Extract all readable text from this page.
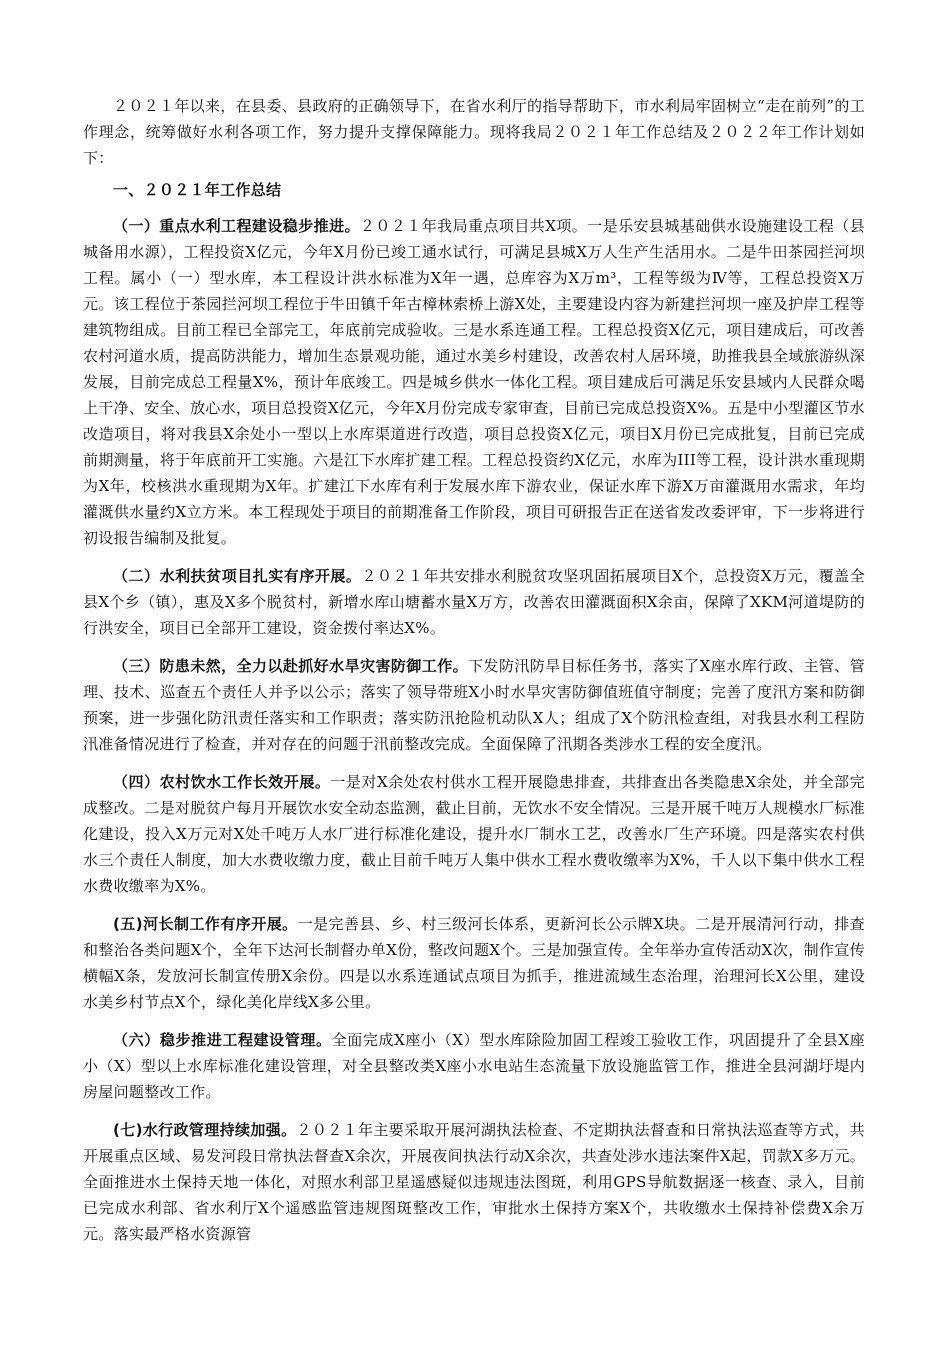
２０２１年以来，在县委、县政府的正确领导下，在省水利厅的指导帮助下，市水利局牢固树立“走在前列”的工作理念，统筹做好水利各项工作，努力提升支撑保障能力。现将我局２０２１年工作总结及２０２２年工作计划如下：

一、２０２１年工作总结

（一）重点水利工程建设稳步推进。２０２１年我局重点项目共X项。一是乐安县城基础供水设施建设工程（县城备用水源），工程投资X亿元，今年X月份已竣工通水试行，可满足县城X万人生产生活用水。二是牛田茶园拦河坝工程。属小（一）型水库，本工程设计洪水标准为X年一遇，总库容为X万m³，工程等级为Ⅳ等，工程总投资X万元。该工程位于茶园拦河坝工程位于牛田镇千年古樟林索桥上游X处，主要建设内容为新建拦河坝一座及护岸工程等建筑物组成。目前工程已全部完工，年底前完成验收。三是水系连通工程。工程总投资X亿元，项目建成后，可改善农村河道水质，提高防洪能力，增加生态景观功能，通过水美乡村建设，改善农村人居环境，助推我县全域旅游纵深发展，目前完成总工程量X%，预计年底竣工。四是城乡供水一体化工程。项目建成后可满足乐安县域内人民群众喝上干净、安全、放心水，项目总投资X亿元，今年X月份完成专家审查，目前已完成总投资X%。五是中小型灌区节水改造项目，将对我县X余处小一型以上水库渠道进行改造，项目总投资X亿元，项目X月份已完成批复，目前已完成前期测量，将于年底前开工实施。六是江下水库扩建工程。工程总投资约X亿元，水库为III等工程，设计洪水重现期为X年，校核洪水重现期为X年。扩建江下水库有利于发展水库下游农业，保证水库下游X万亩灌溉用水需求，年均灌溉供水量约X立方米。本工程现处于项目的前期准备工作阶段，项目可研报告正在送省发改委评审，下一步将进行初设报告编制及批复。

（二）水利扶贫项目扎实有序开展。２０２１年共安排水利脱贫攻坚巩固拓展项目X个，总投资X万元，覆盖全县X个乡（镇），惠及X多个脱贫村，新增水库山塘蓄水量X万方，改善农田灌溉面积X余亩，保障了XKM河道堤防的行洪安全，项目已全部开工建设，资金拨付率达X%。

（三）防患未然，全力以赴抓好水旱灾害防御工作。下发防汛防旱目标任务书，落实了X座水库行政、主管、管理、技术、巡查五个责任人并予以公示；落实了领导带班X小时水旱灾害防御值班值守制度；完善了度汛方案和防御预案，进一步强化防汛责任落实和工作职责；落实防汛抢险机动队X人；组成了X个防汛检查组，对我县水利工程防汛准备情况进行了检查，并对存在的问题于汛前整改完成。全面保障了汛期各类涉水工程的安全度汛。

（四）农村饮水工作长效开展。一是对X余处农村供水工程开展隐患排查，共排查出各类隐患X余处，并全部完成整改。二是对脱贫户每月开展饮水安全动态监测，截止目前，无饮水不安全情况。三是开展千吨万人规模水厂标准化建设，投入X万元对X处千吨万人水厂进行标准化建设，提升水厂制水工艺，改善水厂生产环境。四是落实农村供水三个责任人制度，加大水费收缴力度，截止目前千吨万人集中供水工程水费收缴率为X%，千人以下集中供水工程水费收缴率为X%。

(五)河长制工作有序开展。一是完善县、乡、村三级河长体系，更新河长公示牌X块。二是开展清河行动，排查和整治各类问题X个，全年下达河长制督办单X份，整改问题X个。三是加强宣传。全年举办宣传活动X次，制作宣传横幅X条，发放河长制宣传册X余份。四是以水系连通试点项目为抓手，推进流域生态治理，治理河长X公里，建设水美乡村节点X个，绿化美化岸线X多公里。

（六）稳步推进工程建设管理。全面完成X座小（X）型水库除险加固工程竣工验收工作，巩固提升了全县X座小（X）型以上水库标准化建设管理，对全县整改类X座小水电站生态流量下放设施监管工作，推进全县河湖圩堤内房屋问题整改工作。

(七)水行政管理持续加强。２０２１年主要采取开展河湖执法检查、不定期执法督查和日常执法巡查等方式，共开展重点区域、易发河段日常执法督查X余次，开展夜间执法行动X余次，共查处涉水违法案件X起，罚款X多万元。全面推进水土保持天地一体化，对照水利部卫星遥感疑似违规违法图斑，利用GPS导航数据逐一核查、录入，目前已完成水利部、省水利厅X个遥感监管违规图斑整改工作，审批水土保持方案X个，共收缴水土保持补偿费X余万元。落实最严格水资源管
